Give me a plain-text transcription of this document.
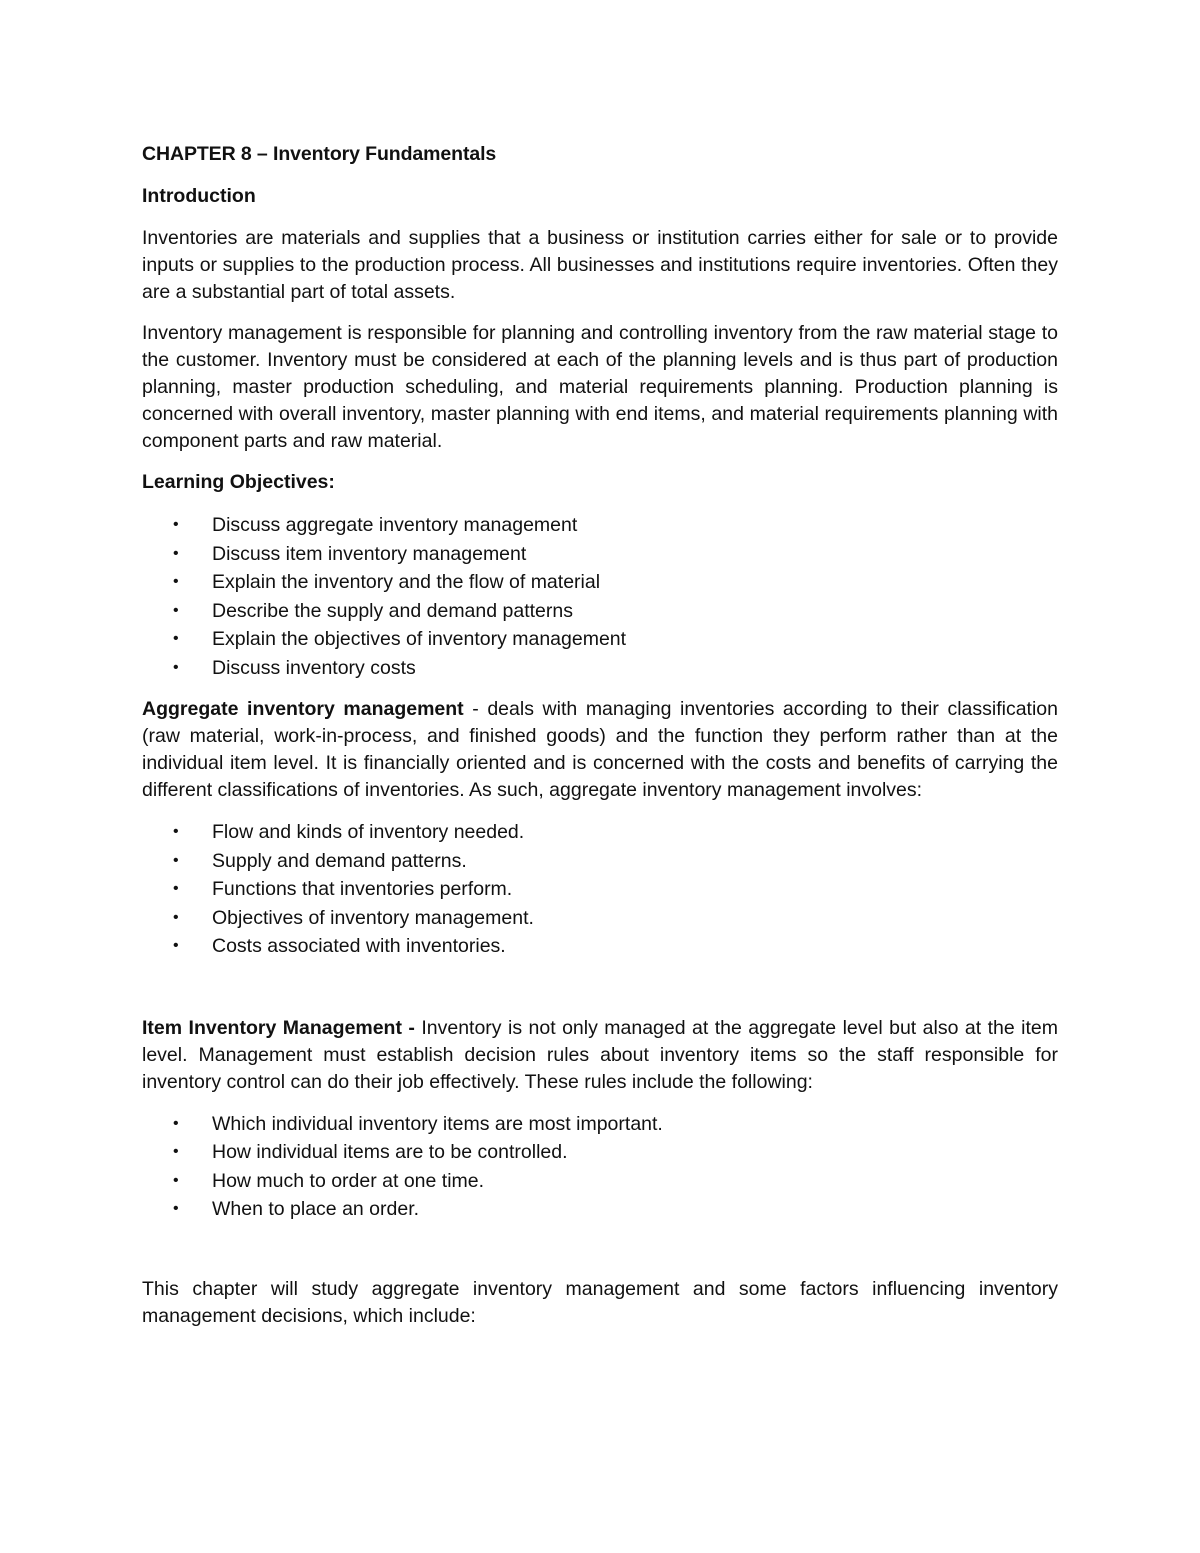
CHAPTER 8 – Inventory Fundamentals
Introduction

Inventories are materials and supplies that a business or institution carries either for sale or to provide inputs or supplies to the production process. All businesses and institutions require inventories. Often they are a substantial part of total assets.

Inventory management is responsible for planning and controlling inventory from the raw material stage to the customer. Inventory must be considered at each of the planning levels and is thus part of production planning, master production scheduling, and material requirements planning. Production planning is concerned with overall inventory, master planning with end items, and material requirements planning with component parts and raw material.

Learning Objectives:
• Discuss aggregate inventory management
• Discuss item inventory management
• Explain the inventory and the flow of material
• Describe the supply and demand patterns
• Explain the objectives of inventory management
• Discuss inventory costs

Aggregate inventory management - deals with managing inventories according to their classification (raw material, work-in-process, and finished goods) and the function they perform rather than at the individual item level. It is financially oriented and is concerned with the costs and benefits of carrying the different classifications of inventories. As such, aggregate inventory management involves:

• Flow and kinds of inventory needed.
• Supply and demand patterns.
• Functions that inventories perform.
• Objectives of inventory management.
• Costs associated with inventories.

Item Inventory Management - Inventory is not only managed at the aggregate level but also at the item level. Management must establish decision rules about inventory items so the staff responsible for inventory control can do their job effectively. These rules include the following:

• Which individual inventory items are most important.
• How individual items are to be controlled.
• How much to order at one time.
• When to place an order.

This chapter will study aggregate inventory management and some factors influencing inventory management decisions, which include:
